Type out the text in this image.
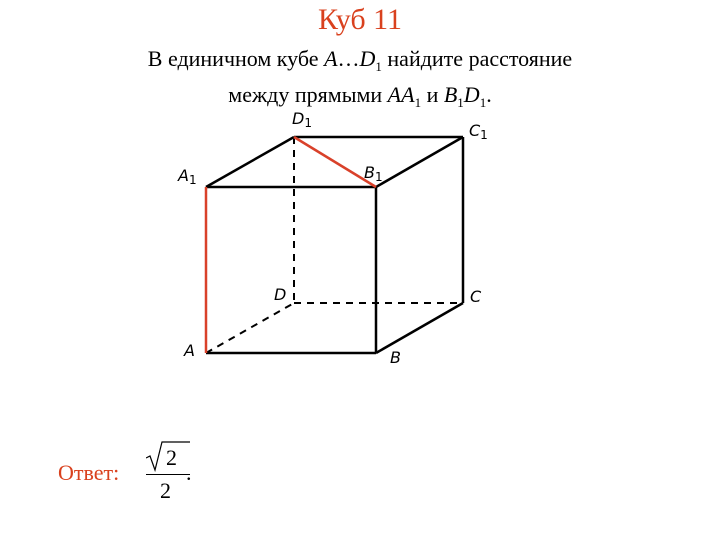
Куб 11
В единичном кубе $A\dots D_1$ найдите расстояние
между прямыми $AA_1$ и $B_1D_1$.
A1
D1	C1
B1
D	C
A	B
Ответ:
2
2
.
